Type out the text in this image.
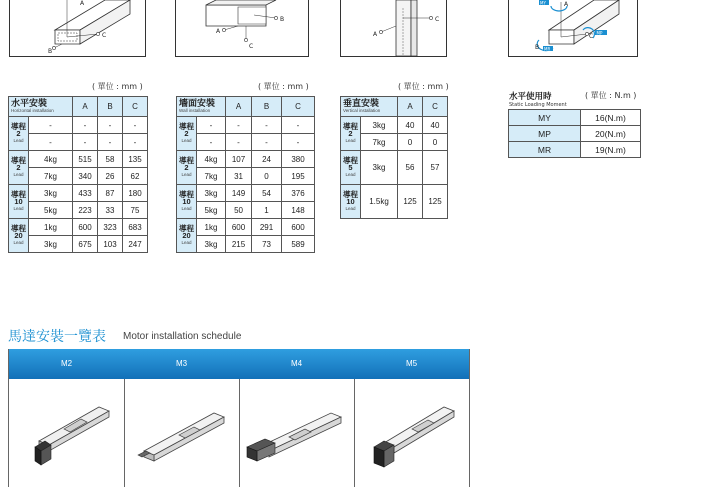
A
B
C
A
B
C
A
C
A
B
C
MY
MP
MR
( 單位 : mm )	( 單位 : mm )	( 單位 : mm )
水平安裝
Horizontal installation		A	B	C

導程
2
Lead	-	-	-	-
	-	-	-	-

導程
2
Lead	4kg	515	58	135
	7kg	340	26	62

導程
10
Lead	3kg	433	87	180
	5kg	223	33	75

導程
20
Lead	1kg	600	323	683
	3kg	675	103	247
墻面安裝
Wall installation		A	B	C

導程
2
Lead	-	-	-	-
	-	-	-	-

導程
2
Lead	4kg	107	24	380
	7kg	31	0	195

導程
10
Lead	3kg	149	54	376
	5kg	50	1	148

導程
20
Lead	1kg	600	291	600
	3kg	215	73	589
垂直安裝
Vertical installation		A	C

導程
2
Lead	3kg	40	40
	7kg	0	0

導程
5
Lead	3kg	56	57

導程
10
Lead	1.5kg	125	125
水平使用時	( 單位 : N.m )
Static Loading Moment
MY	16(N.m)
MP	20(N.m)
MR	19(N.m)
馬達安裝一覽表 Motor installation schedule
M2	M3	M4	M5
